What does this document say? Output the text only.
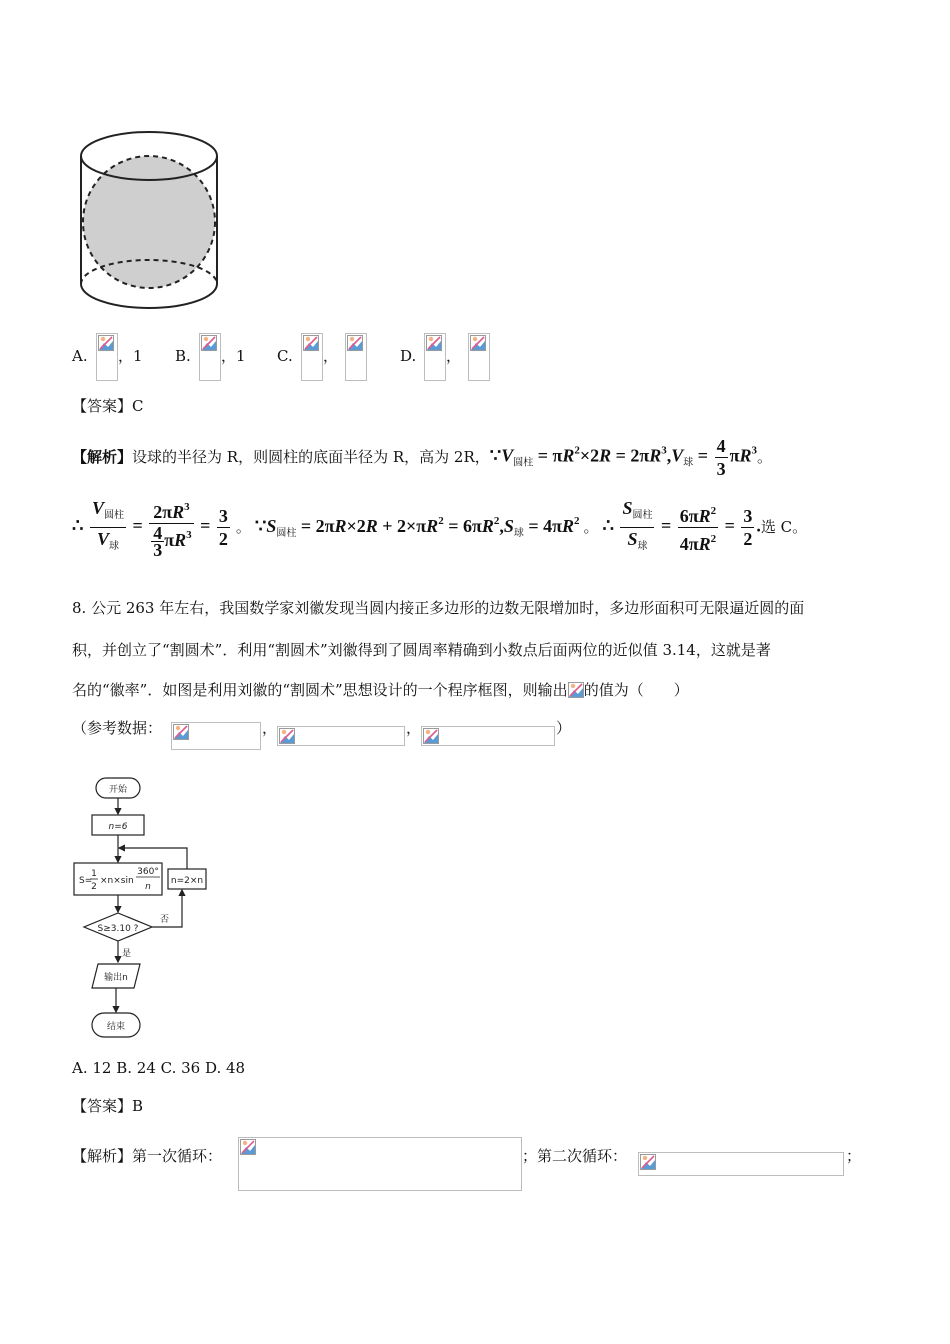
A. ，1 B. ，1 C. ，	D. ，
【答案】C
【解析】 设球的半径为 R，则圆柱的底面半径为 R，高为 2R， $\because V_{圆柱} = \pi R^2\times 2R = 2\pi R^3,V_球 = \frac{4}{3} \pi R^3$ 。
∴ $\frac{V_{圆柱}}{V_球} = \frac{2\pi R^3}{\frac{4}{3} \pi R^3} = \frac{3}{2}$ 。 $\because S_{圆柱} = 2\pi R\times 2R + 2\times\pi R^2 = 6\pi R^2,S_球 = 4\pi R^2$ 。 ∴ $\frac{S_{圆柱}}{S_球} = \frac{6\pi R^2}{4\pi R^2} = \frac{3}{2}$ . 选 C。
8. 公元 263 年左右，我国数学家刘徽发现当圆内接正多边形的边数无限增加时，多边形面积可无限逼近圆的面
积，并创立了“割圆术”．利用“割圆术”刘徽得到了圆周率精确到小数点后面两位的近似值 3.14，这就是著
名的“徽率”．如图是利用刘徽的“割圆术”思想设计的一个程序框图，则输出 的值为（　　）
（参考数据：	，	，	）
开始
n=6
S=
1
2
×n×sin
360°
n
n=2×n
S≥3.10 ?
否
是
输出n
结束
A. 12 B. 24 C. 36 D. 48
【答案】B
【解析】第一次循环：	；第二次循环：	；
